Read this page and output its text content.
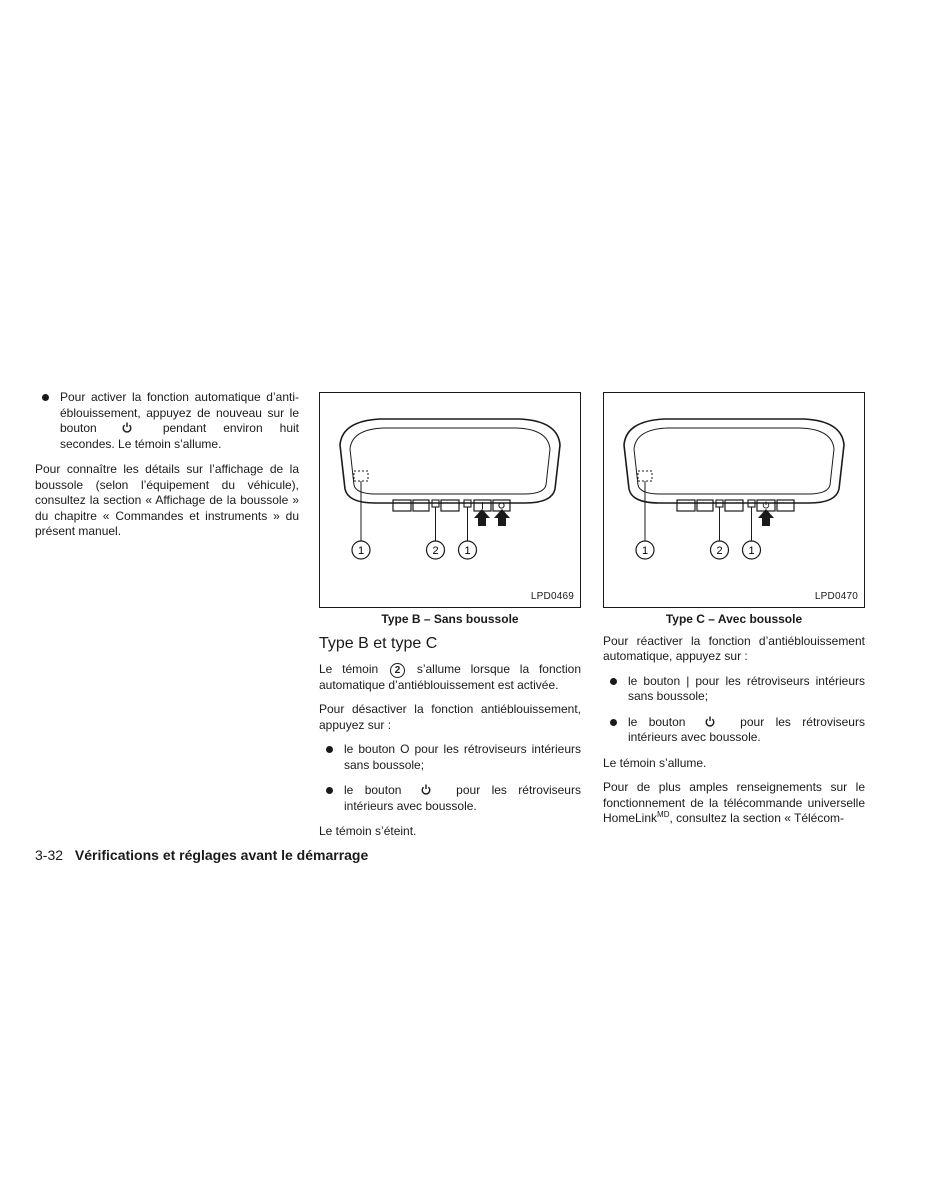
Pour activer la fonction automatique d’anti-éblouissement, appuyez de nouveau sur le bouton	pendant environ huit secondes. Le témoin s’allume.

Pour connaître les détails sur l’affichage de la boussole (selon l’équipement du véhicule), consultez la section « Affichage de la boussole » du chapitre « Commandes et instruments » du présent manuel.

1	2 1
LPD0469
Type B – Sans boussole
Type B et type C

Le témoin 2 s’allume lorsque la fonction automatique d’antiéblouissement est activée.

Pour désactiver la fonction antiéblouissement, appuyez sur :

le bouton O pour les rétroviseurs intérieurs sans boussole;
le bouton	pour les rétroviseurs intérieurs avec boussole.

Le témoin s’éteint.

1	2 1
LPD0470
Type C – Avec boussole

Pour réactiver la fonction d’antiéblouissement automatique, appuyez sur :

le bouton | pour les rétroviseurs intérieurs sans boussole;
le bouton	pour les rétroviseurs intérieurs avec boussole.

Le témoin s’allume.

Pour de plus amples renseignements sur le fonctionnement de la télécommande universelle HomeLink$^{MD}$, consultez la section « Télécom-

3-32 Vérifications et réglages avant le démarrage
